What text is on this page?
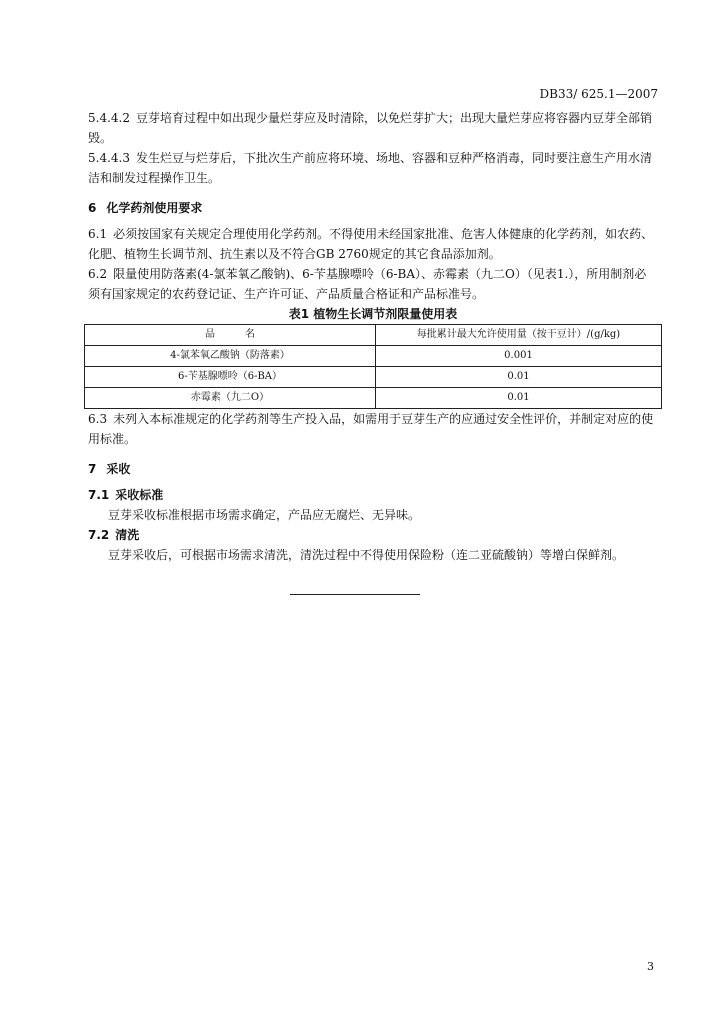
DB33/ 625.1—2007

5.4.4.2 豆芽培育过程中如出现少量烂芽应及时清除，以免烂芽扩大；出现大量烂芽应将容器内豆芽全部销毁。

5.4.4.3 发生烂豆与烂芽后，下批次生产前应将环境、场地、容器和豆种严格消毒，同时要注意生产用水清洁和制发过程操作卫生。

6 化学药剂使用要求

6.1 必须按国家有关规定合理使用化学药剂。不得使用未经国家批准、危害人体健康的化学药剂，如农药、化肥、植物生长调节剂、抗生素以及不符合GB 2760规定的其它食品添加剂。

6.2 限量使用防落素(4-氯苯氧乙酸钠)、6-苄基腺嘌呤（6-BA）、赤霉素（九二O）（见表1.），所用制剂必须有国家规定的农药登记证、生产许可证、产品质量合格证和产品标准号。

表1 植物生长调节剂限量使用表

品　　　名	每批累计最大允许使用量（按干豆计）/(g/kg)
4-氯苯氧乙酸钠（防落素）	0.001
6-苄基腺嘌呤（6-BA）	0.01
赤霉素（九二O）	0.01

6.3 未列入本标准规定的化学药剂等生产投入品，如需用于豆芽生产的应通过安全性评价，并制定对应的使用标准。

7 采收

7.1 采收标准

豆芽采收标准根据市场需求确定，产品应无腐烂、无异味。

7.2 清洗

豆芽采收后，可根据市场需求清洗，清洗过程中不得使用保险粉（连二亚硫酸钠）等增白保鲜剂。

3
